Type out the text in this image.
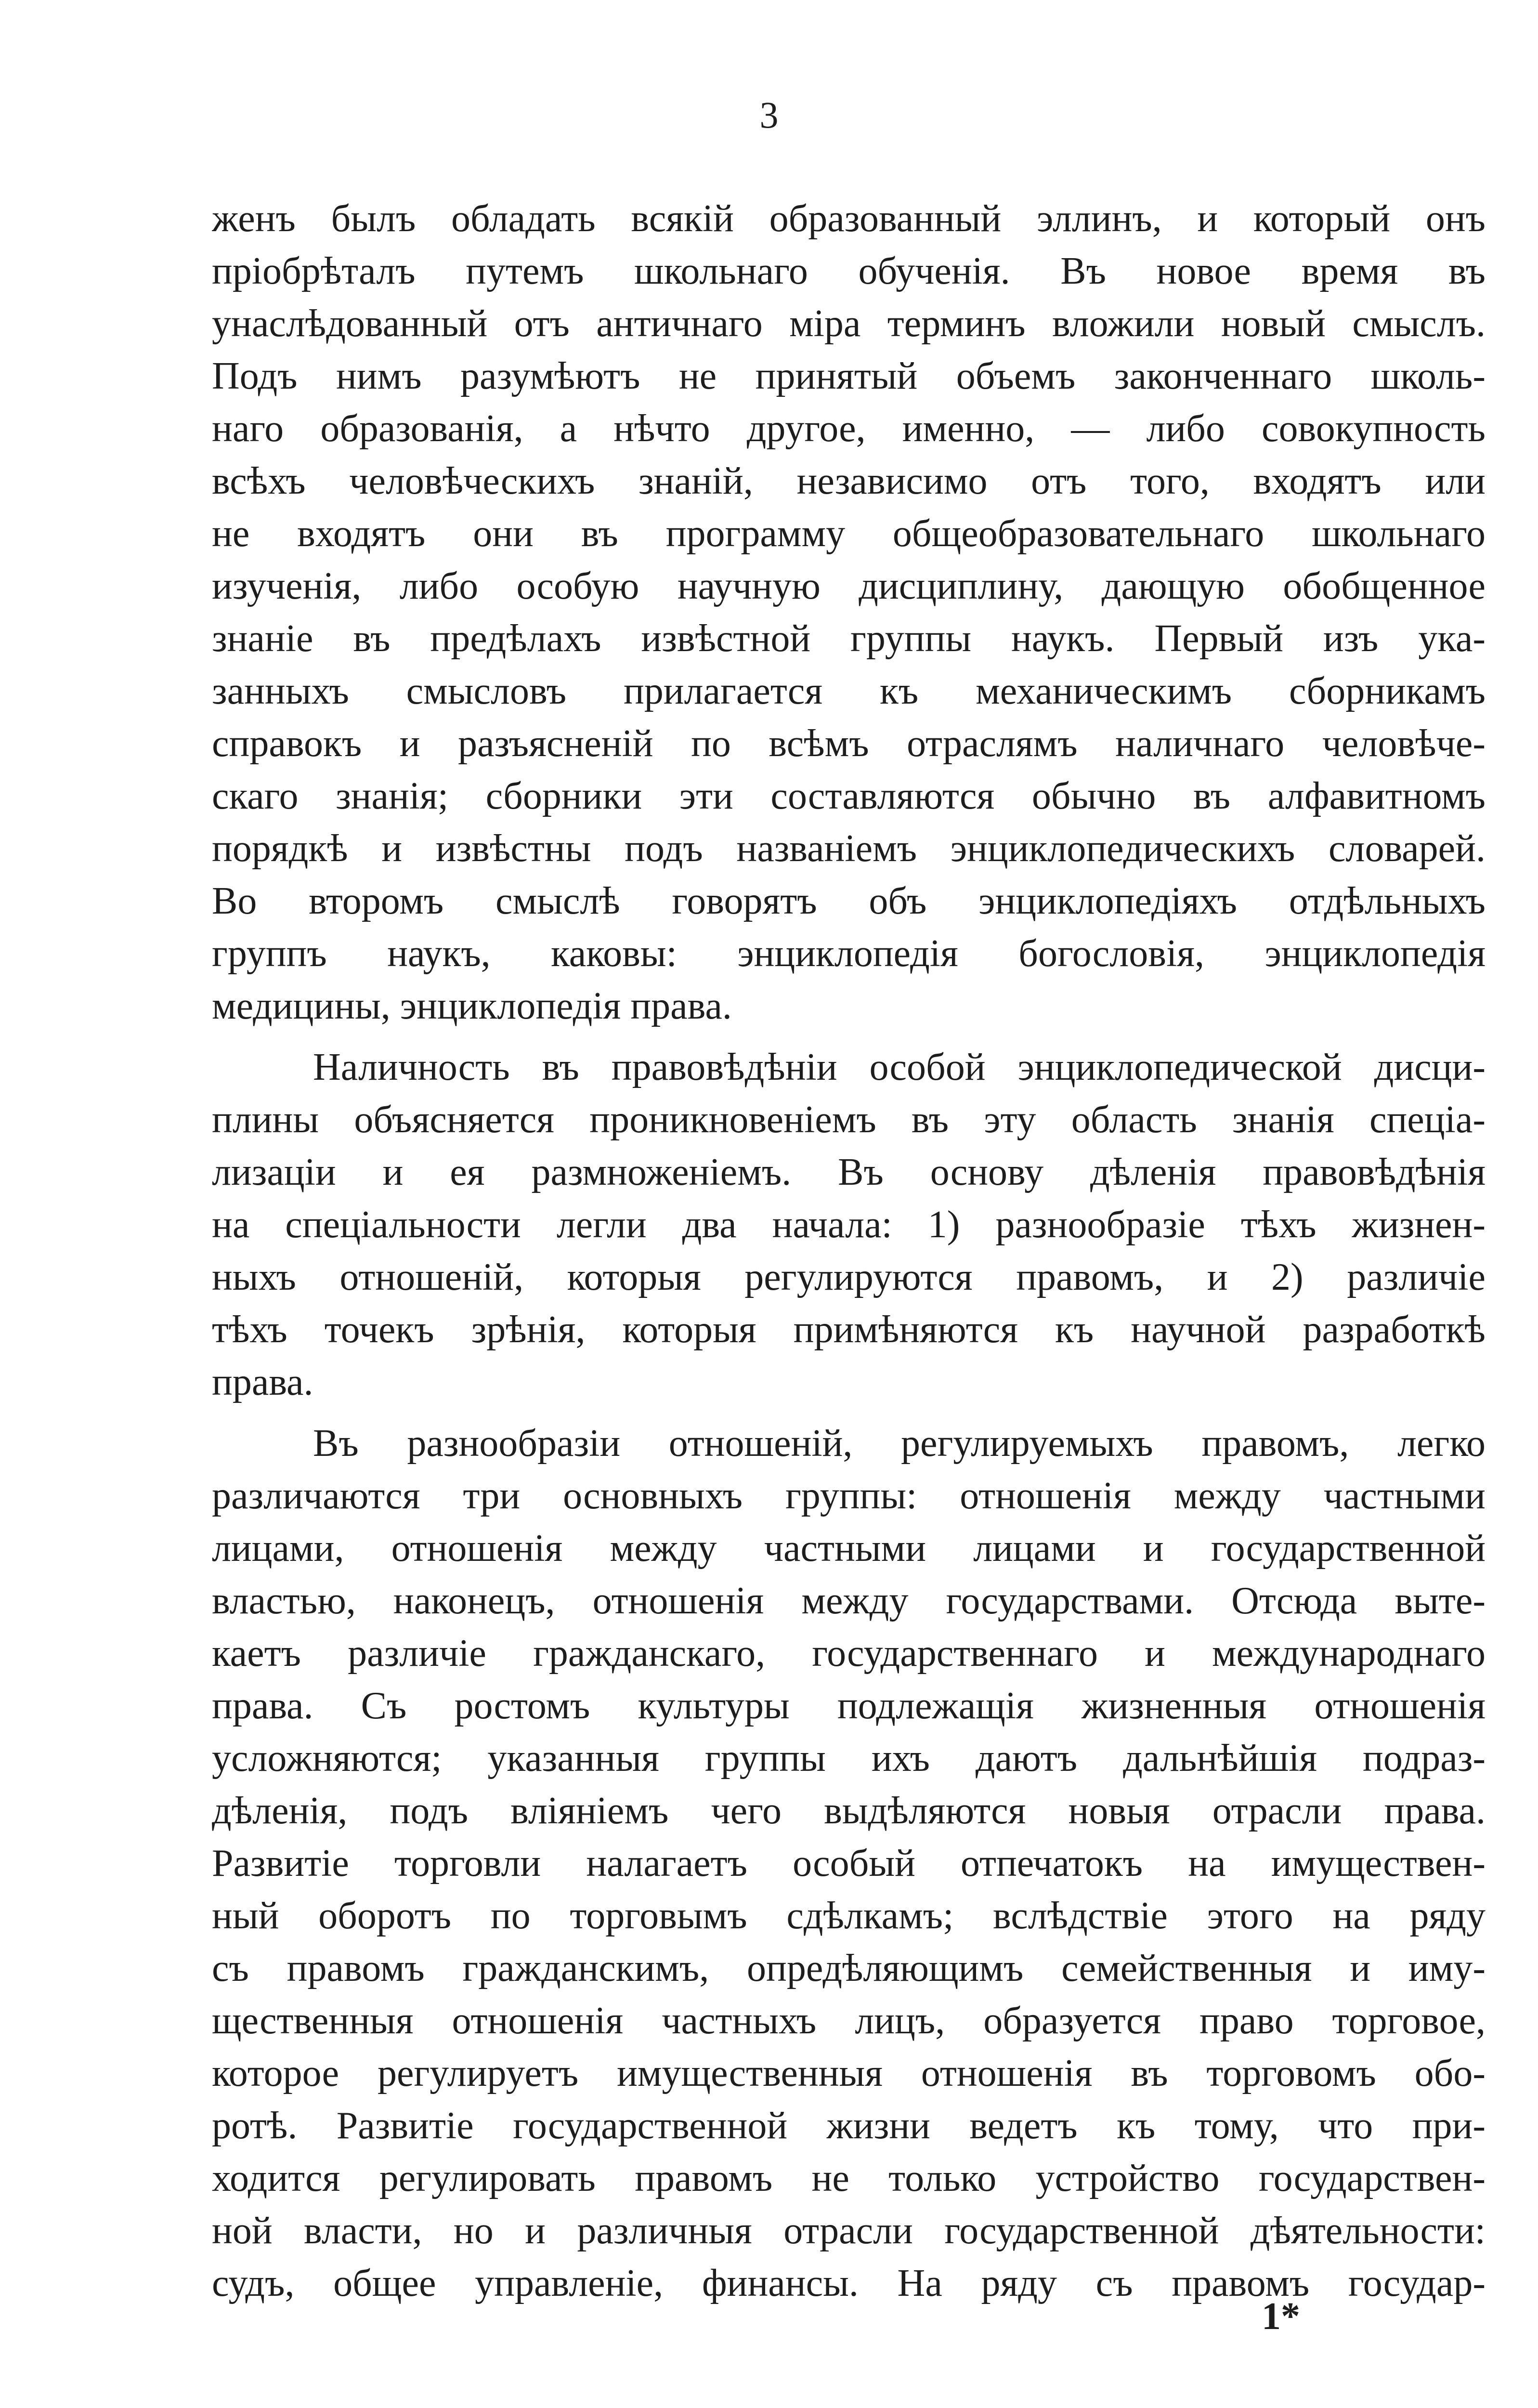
3
женъ былъ обладать всякій образованный эллинъ, и который онъ
пріобрѣталъ путемъ школьнаго обученія. Въ новое время въ
унаслѣдованный отъ античнаго міра терминъ вложили новый смыслъ.
Подъ нимъ разумѣютъ не принятый объемъ законченнаго школь-
наго образованія, а нѣчто другое, именно, — либо совокупность
всѣхъ человѣческихъ знаній, независимо отъ того, входятъ или
не входятъ они въ программу общеобразовательнаго школьнаго
изученія, либо особую научную дисциплину, дающую обобщенное
знаніе въ предѣлахъ извѣстной группы наукъ. Первый изъ ука-
занныхъ смысловъ прилагается къ механическимъ сборникамъ
справокъ и разъясненій по всѣмъ отраслямъ наличнаго человѣче-
скаго знанія; сборники эти составляются обычно въ алфавитномъ
порядкѣ и извѣстны подъ названіемъ энциклопедическихъ словарей.
Во второмъ смыслѣ говорятъ объ энциклопедіяхъ отдѣльныхъ
группъ наукъ, каковы: энциклопедія богословія, энциклопедія
медицины, энциклопедія права.
Наличность въ правовѣдѣніи особой энциклопедической дисци-
плины объясняется проникновеніемъ въ эту область знанія спеціа-
лизаціи и ея размноженіемъ. Въ основу дѣленія правовѣдѣнія
на спеціальности легли два начала: 1) разнообразіе тѣхъ жизнен-
ныхъ отношеній, которыя регулируются правомъ, и 2) различіе
тѣхъ точекъ зрѣнія, которыя примѣняются къ научной разработкѣ
права.
Въ разнообразіи отношеній, регулируемыхъ правомъ, легко
различаются три основныхъ группы: отношенія между частными
лицами, отношенія между частными лицами и государственной
властью, наконецъ, отношенія между государствами. Отсюда выте-
каетъ различіе гражданскаго, государственнаго и международнаго
права. Съ ростомъ культуры подлежащія жизненныя отношенія
усложняются; указанныя группы ихъ даютъ дальнѣйшія подраз-
дѣленія, подъ вліяніемъ чего выдѣляются новыя отрасли права.
Развитіе торговли налагаетъ особый отпечатокъ на имуществен-
ный оборотъ по торговымъ сдѣлкамъ; вслѣдствіе этого на ряду
съ правомъ гражданскимъ, опредѣляющимъ семейственныя и иму-
щественныя отношенія частныхъ лицъ, образуется право торговое,
которое регулируетъ имущественныя отношенія въ торговомъ обо-
ротѣ. Развитіе государственной жизни ведетъ къ тому, что при-
ходится регулировать правомъ не только устройство государствен-
ной власти, но и различныя отрасли государственной дѣятельности:
судъ, общее управленіе, финансы. На ряду съ правомъ государ-
1*
